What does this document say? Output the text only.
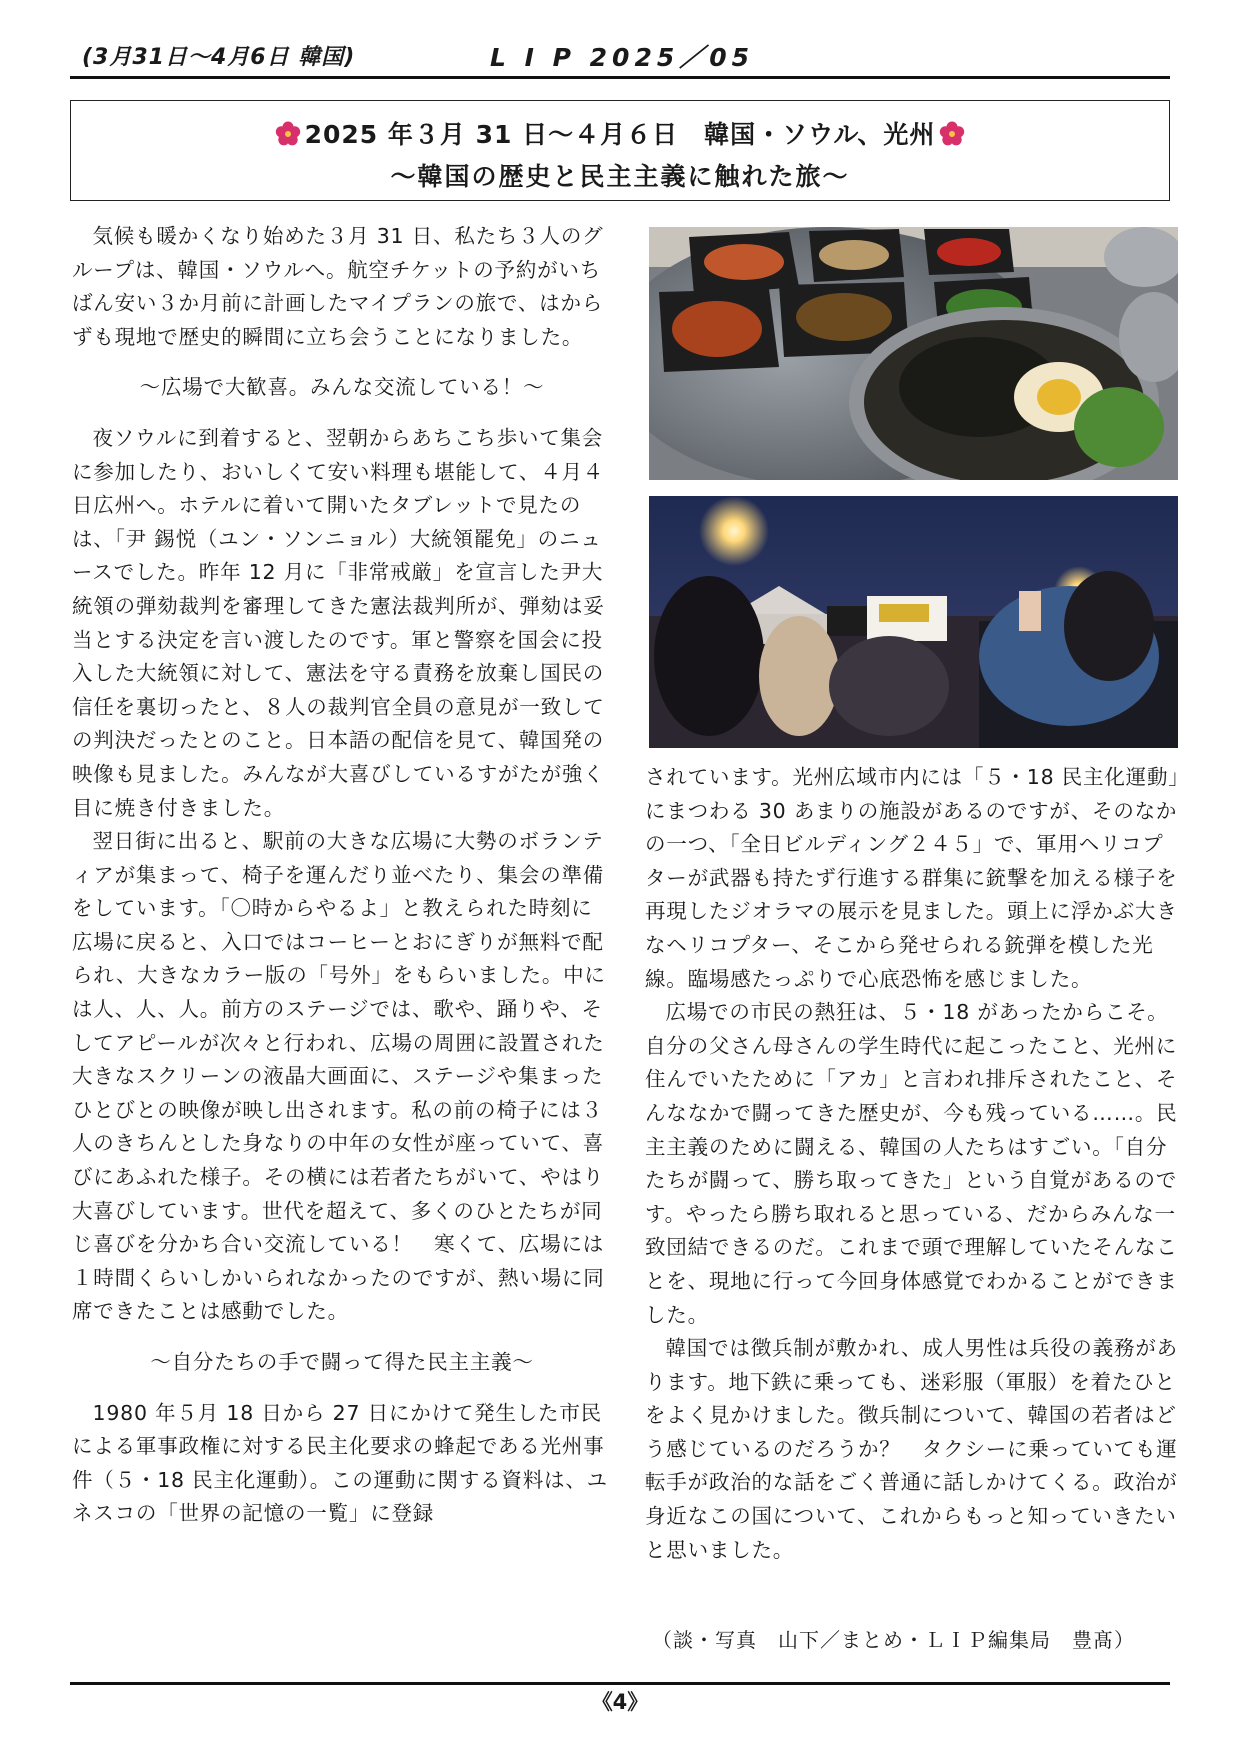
(3月31日〜4月6日 韓国)	L I P 2025／05
2025 年３月 31 日〜４月６日　韓国・ソウル、光州
〜韓国の歴史と民主主義に触れた旅〜

気候も暖かくなり始めた３月 31 日、私たち３人のグループは、韓国・ソウルへ。航空チケットの予約がいちばん安い３か月前に計画したマイプランの旅で、はからずも現地で歴史的瞬間に立ち会うことになりました。

〜広場で大歓喜。みんな交流している！〜

夜ソウルに到着すると、翌朝からあちこち歩いて集会に参加したり、おいしくて安い料理も堪能して、４月４日広州へ。ホテルに着いて開いたタブレットで見たのは、「尹 錫悦（ユン・ソンニョル）大統領罷免」のニュースでした。昨年 12 月に「非常戒厳」を宣言した尹大統領の弾劾裁判を審理してきた憲法裁判所が、弾劾は妥当とする決定を言い渡したのです。軍と警察を国会に投入した大統領に対して、憲法を守る責務を放棄し国民の信任を裏切ったと、８人の裁判官全員の意見が一致しての判決だったとのこと。日本語の配信を見て、韓国発の映像も見ました。みんなが大喜びしているすがたが強く目に焼き付きました。

翌日街に出ると、駅前の大きな広場に大勢のボランティアが集まって、椅子を運んだり並べたり、集会の準備をしています。「〇時からやるよ」と教えられた時刻に広場に戻ると、入口ではコーヒーとおにぎりが無料で配られ、大きなカラー版の「号外」をもらいました。中には人、人、人。前方のステージでは、歌や、踊りや、そしてアピールが次々と行われ、広場の周囲に設置された大きなスクリーンの液晶大画面に、ステージや集まったひとびとの映像が映し出されます。私の前の椅子には３人のきちんとした身なりの中年の女性が座っていて、喜びにあふれた様子。その横には若者たちがいて、やはり大喜びしています。世代を超えて、多くのひとたちが同じ喜びを分かち合い交流している！　寒くて、広場には１時間くらいしかいられなかったのですが、熱い場に同席できたことは感動でした。

〜自分たちの手で闘って得た民主主義〜

1980 年５月 18 日から 27 日にかけて発生した市民による軍事政権に対する民主化要求の蜂起である光州事件（５・18 民主化運動）。この運動に関する資料は、ユネスコの「世界の記憶の一覧」に登録

されています。光州広域市内には「５・18 民主化運動」にまつわる 30 あまりの施設があるのですが、そのなかの一つ、「全日ビルディング２４５」で、軍用ヘリコプターが武器も持たず行進する群集に銃撃を加える様子を再現したジオラマの展示を見ました。頭上に浮かぶ大きなヘリコプター、そこから発せられる銃弾を模した光線。臨場感たっぷりで心底恐怖を感じました。

広場での市民の熱狂は、５・18 があったからこそ。自分の父さん母さんの学生時代に起こったこと、光州に住んでいたために「アカ」と言われ排斥されたこと、そんななかで闘ってきた歴史が、今も残っている……。民主主義のために闘える、韓国の人たちはすごい。「自分たちが闘って、勝ち取ってきた」という自覚があるのです。やったら勝ち取れると思っている、だからみんな一致団結できるのだ。これまで頭で理解していたそんなことを、現地に行って今回身体感覚でわかることができました。

韓国では徴兵制が敷かれ、成人男性は兵役の義務があります。地下鉄に乗っても、迷彩服（軍服）を着たひとをよく見かけました。徴兵制について、韓国の若者はどう感じているのだろうか？　タクシーに乗っていても運転手が政治的な話をごく普通に話しかけてくる。政治が身近なこの国について、これからもっと知っていきたいと思いました。

（談・写真　山下／まとめ・ＬＩＰ編集局　豊髙）
《4》
